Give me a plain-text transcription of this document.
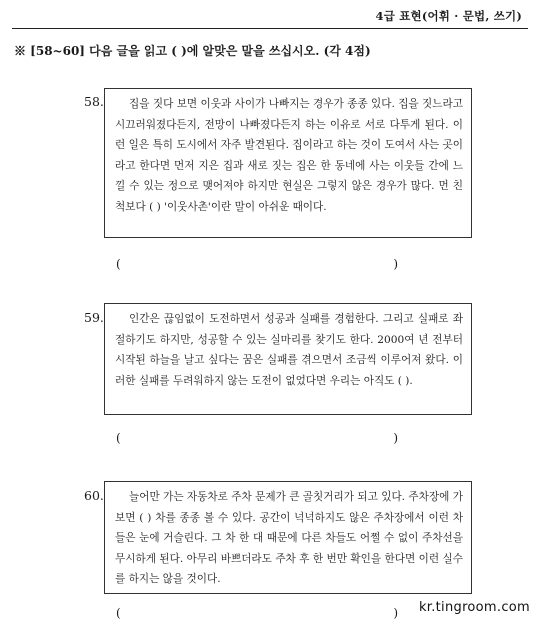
4급 표현(어휘 · 문법, 쓰기)
※ [58~60] 다음 글을 읽고 ( )에 알맞은 말을 쓰십시오. (각 4점)
58.	집을 짓다 보면 이웃과 사이가 나빠지는 경우가 종종 있다. 집을 짓느라고 시끄러워졌다든지, 전망이 나빠졌다든지 하는 이유로 서로 다투게 된다. 이런 일은 특히 도시에서 자주 발견된다. 집이라고 하는 것이 도여서 사는 곳이라고 한다면 먼저 지은 집과 새로 짓는 집은 한 동네에 사는 이웃들 간에 느낄 수 있는 정으로 맺어져야 하지만 현실은 그렇지 않은 경우가 많다. 먼 친척보다 ( ) '이웃사촌'이란 말이 아쉬운 때이다.

(	)
59.	인간은 끊임없이 도전하면서 성공과 실패를 경험한다. 그리고 실패로 좌절하기도 하지만, 성공할 수 있는 실마리를 찾기도 한다. 2000여 년 전부터 시작된 하늘을 날고 싶다는 꿈은 실패를 겪으면서 조금씩 이루어져 왔다. 이러한 실패를 두려워하지 않는 도전이 없었다면 우리는 아직도 ( ).

(	)
60.	늘어만 가는 자동차로 주차 문제가 큰 골칫거리가 되고 있다. 주차장에 가 보면 ( ) 차를 종종 볼 수 있다. 공간이 넉넉하지도 않은 주차장에서 이런 차들은 눈에 거슬린다. 그 차 한 대 때문에 다른 차들도 어쩔 수 없이 주차선을 무시하게 된다. 아무리 바쁘더라도 주차 후 한 번만 확인을 한다면 이런 실수를 하지는 않을 것이다.

(	) kr.tingroom.com
